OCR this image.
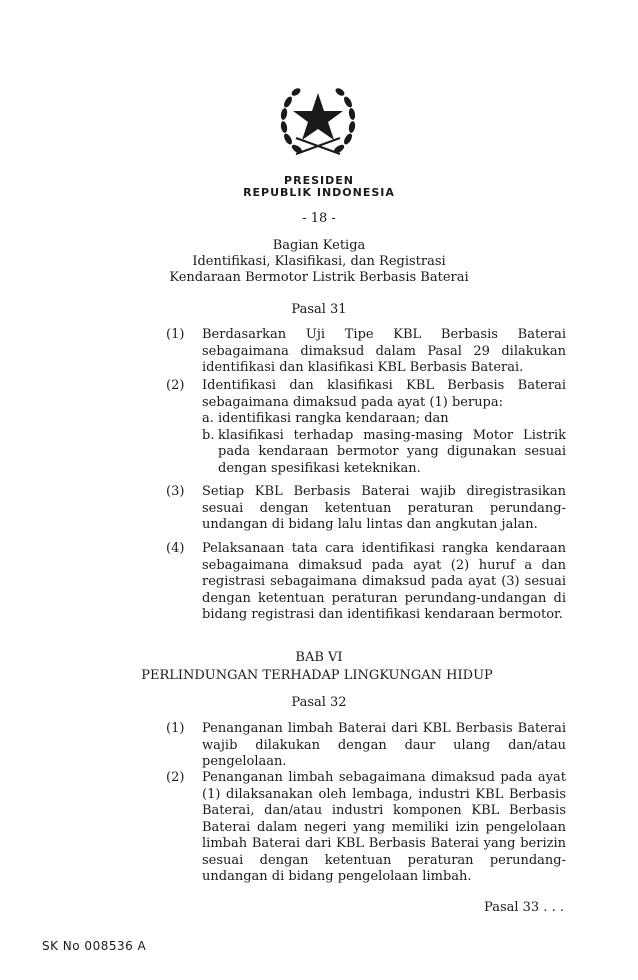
PRESIDEN
REPUBLIK INDONESIA
- 18 -
Bagian Ketiga
Identifikasi, Klasifikasi, dan Registrasi
Kendaraan Bermotor Listrik Berbasis Baterai
Pasal 31
(1)	Berdasarkan Uji Tipe KBL Berbasis Baterai sebagaimana dimaksud dalam Pasal 29 dilakukan identifikasi dan klasifikasi KBL Berbasis Baterai.
(2)	Identifikasi dan klasifikasi KBL Berbasis Baterai sebagaimana dimaksud pada ayat (1) berupa:
a. identifikasi rangka kendaraan; dan
b. klasifikasi terhadap masing-masing Motor Listrik pada kendaraan bermotor yang digunakan sesuai dengan spesifikasi keteknikan.
(3)	Setiap KBL Berbasis Baterai wajib diregistrasikan sesuai dengan ketentuan peraturan perundang-undangan di bidang lalu lintas dan angkutan jalan.
(4)	Pelaksanaan tata cara identifikasi rangka kendaraan sebagaimana dimaksud pada ayat (2) huruf a dan registrasi sebagaimana dimaksud pada ayat (3) sesuai dengan ketentuan peraturan perundang-undangan di bidang registrasi dan identifikasi kendaraan bermotor.
BAB VI
PERLINDUNGAN TERHADAP LINGKUNGAN HIDUP
Pasal 32
(1)	Penanganan limbah Baterai dari KBL Berbasis Baterai wajib dilakukan dengan daur ulang dan/atau pengelolaan.
(2)	Penanganan limbah sebagaimana dimaksud pada ayat (1) dilaksanakan oleh lembaga, industri KBL Berbasis Baterai, dan/atau industri komponen KBL Berbasis Baterai dalam negeri yang memiliki izin pengelolaan limbah Baterai dari KBL Berbasis Baterai yang berizin sesuai dengan ketentuan peraturan perundang-undangan di bidang pengelolaan limbah.
Pasal 33 . . .
SK No 008536 A
